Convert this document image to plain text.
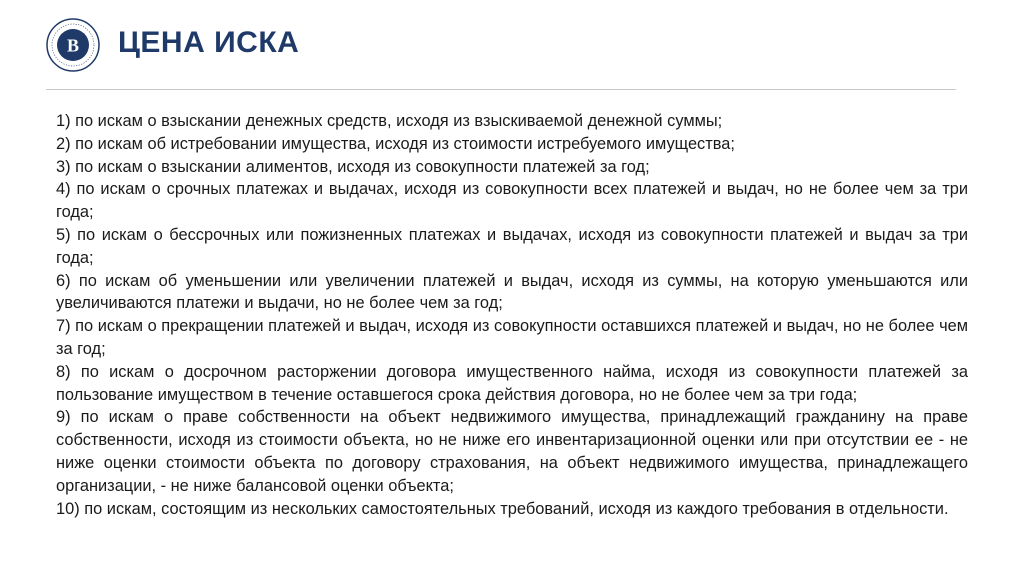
В ЦЕНА ИСКА

1) по искам о взыскании денежных средств, исходя из взыскиваемой денежной суммы;

2) по искам об истребовании имущества, исходя из стоимости истребуемого имущества;

3) по искам о взыскании алиментов, исходя из совокупности платежей за год;

4) по искам о срочных платежах и выдачах, исходя из совокупности всех платежей и выдач, но не более чем за три года;

5) по искам о бессрочных или пожизненных платежах и выдачах, исходя из совокупности платежей и выдач за три года;

6) по искам об уменьшении или увеличении платежей и выдач, исходя из суммы, на которую уменьшаются или увеличиваются платежи и выдачи, но не более чем за год;

7) по искам о прекращении платежей и выдач, исходя из совокупности оставшихся платежей и выдач, но не более чем за год;

8) по искам о досрочном расторжении договора имущественного найма, исходя из совокупности платежей за пользование имуществом в течение оставшегося срока действия договора, но не более чем за три года;

9) по искам о праве собственности на объект недвижимого имущества, принадлежащий гражданину на праве собственности, исходя из стоимости объекта, но не ниже его инвентаризационной оценки или при отсутствии ее - не ниже оценки стоимости объекта по договору страхования, на объект недвижимого имущества, принадлежащего организации, - не ниже балансовой оценки объекта;

10) по искам, состоящим из нескольких самостоятельных требований, исходя из каждого требования в отдельности.
